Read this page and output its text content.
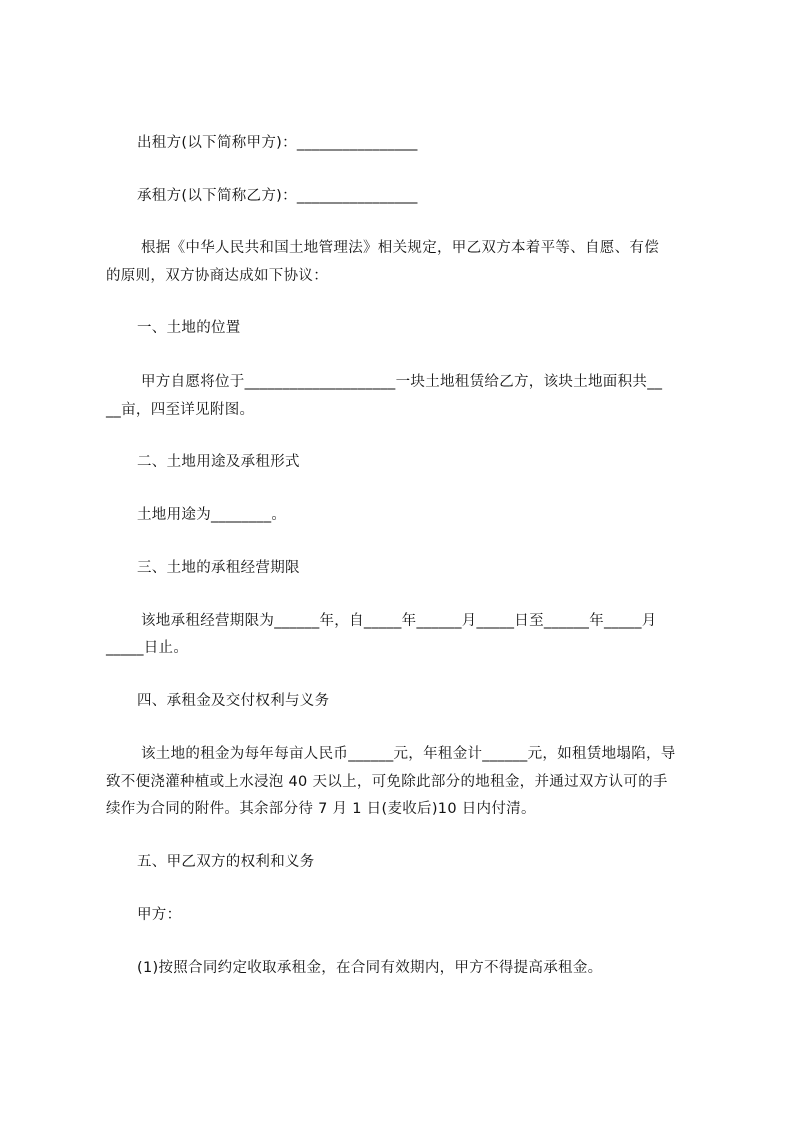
出租方(以下简称甲方)：________________
承租方(以下简称乙方)：________________
根据《中华人民共和国土地管理法》相关规定，甲乙双方本着平等、自愿、有偿
的原则，双方协商达成如下协议：
一、土地的位置
甲方自愿将位于____________________一块土地租赁给乙方，该块土地面积共__
__亩，四至详见附图。
二、土地用途及承租形式
土地用途为________。
三、土地的承租经营期限
该地承租经营期限为______年，自_____年______月_____日至______年_____月
_____日止。
四、承租金及交付权利与义务
该土地的租金为每年每亩人民币______元，年租金计______元，如租赁地塌陷，导
致不便浇灌种植或上水浸泡 40 天以上，可免除此部分的地租金，并通过双方认可的手
续作为合同的附件。其余部分待 7 月 1 日(麦收后)10 日内付清。
五、甲乙双方的权利和义务
甲方：
(1)按照合同约定收取承租金，在合同有效期内，甲方不得提高承租金。
